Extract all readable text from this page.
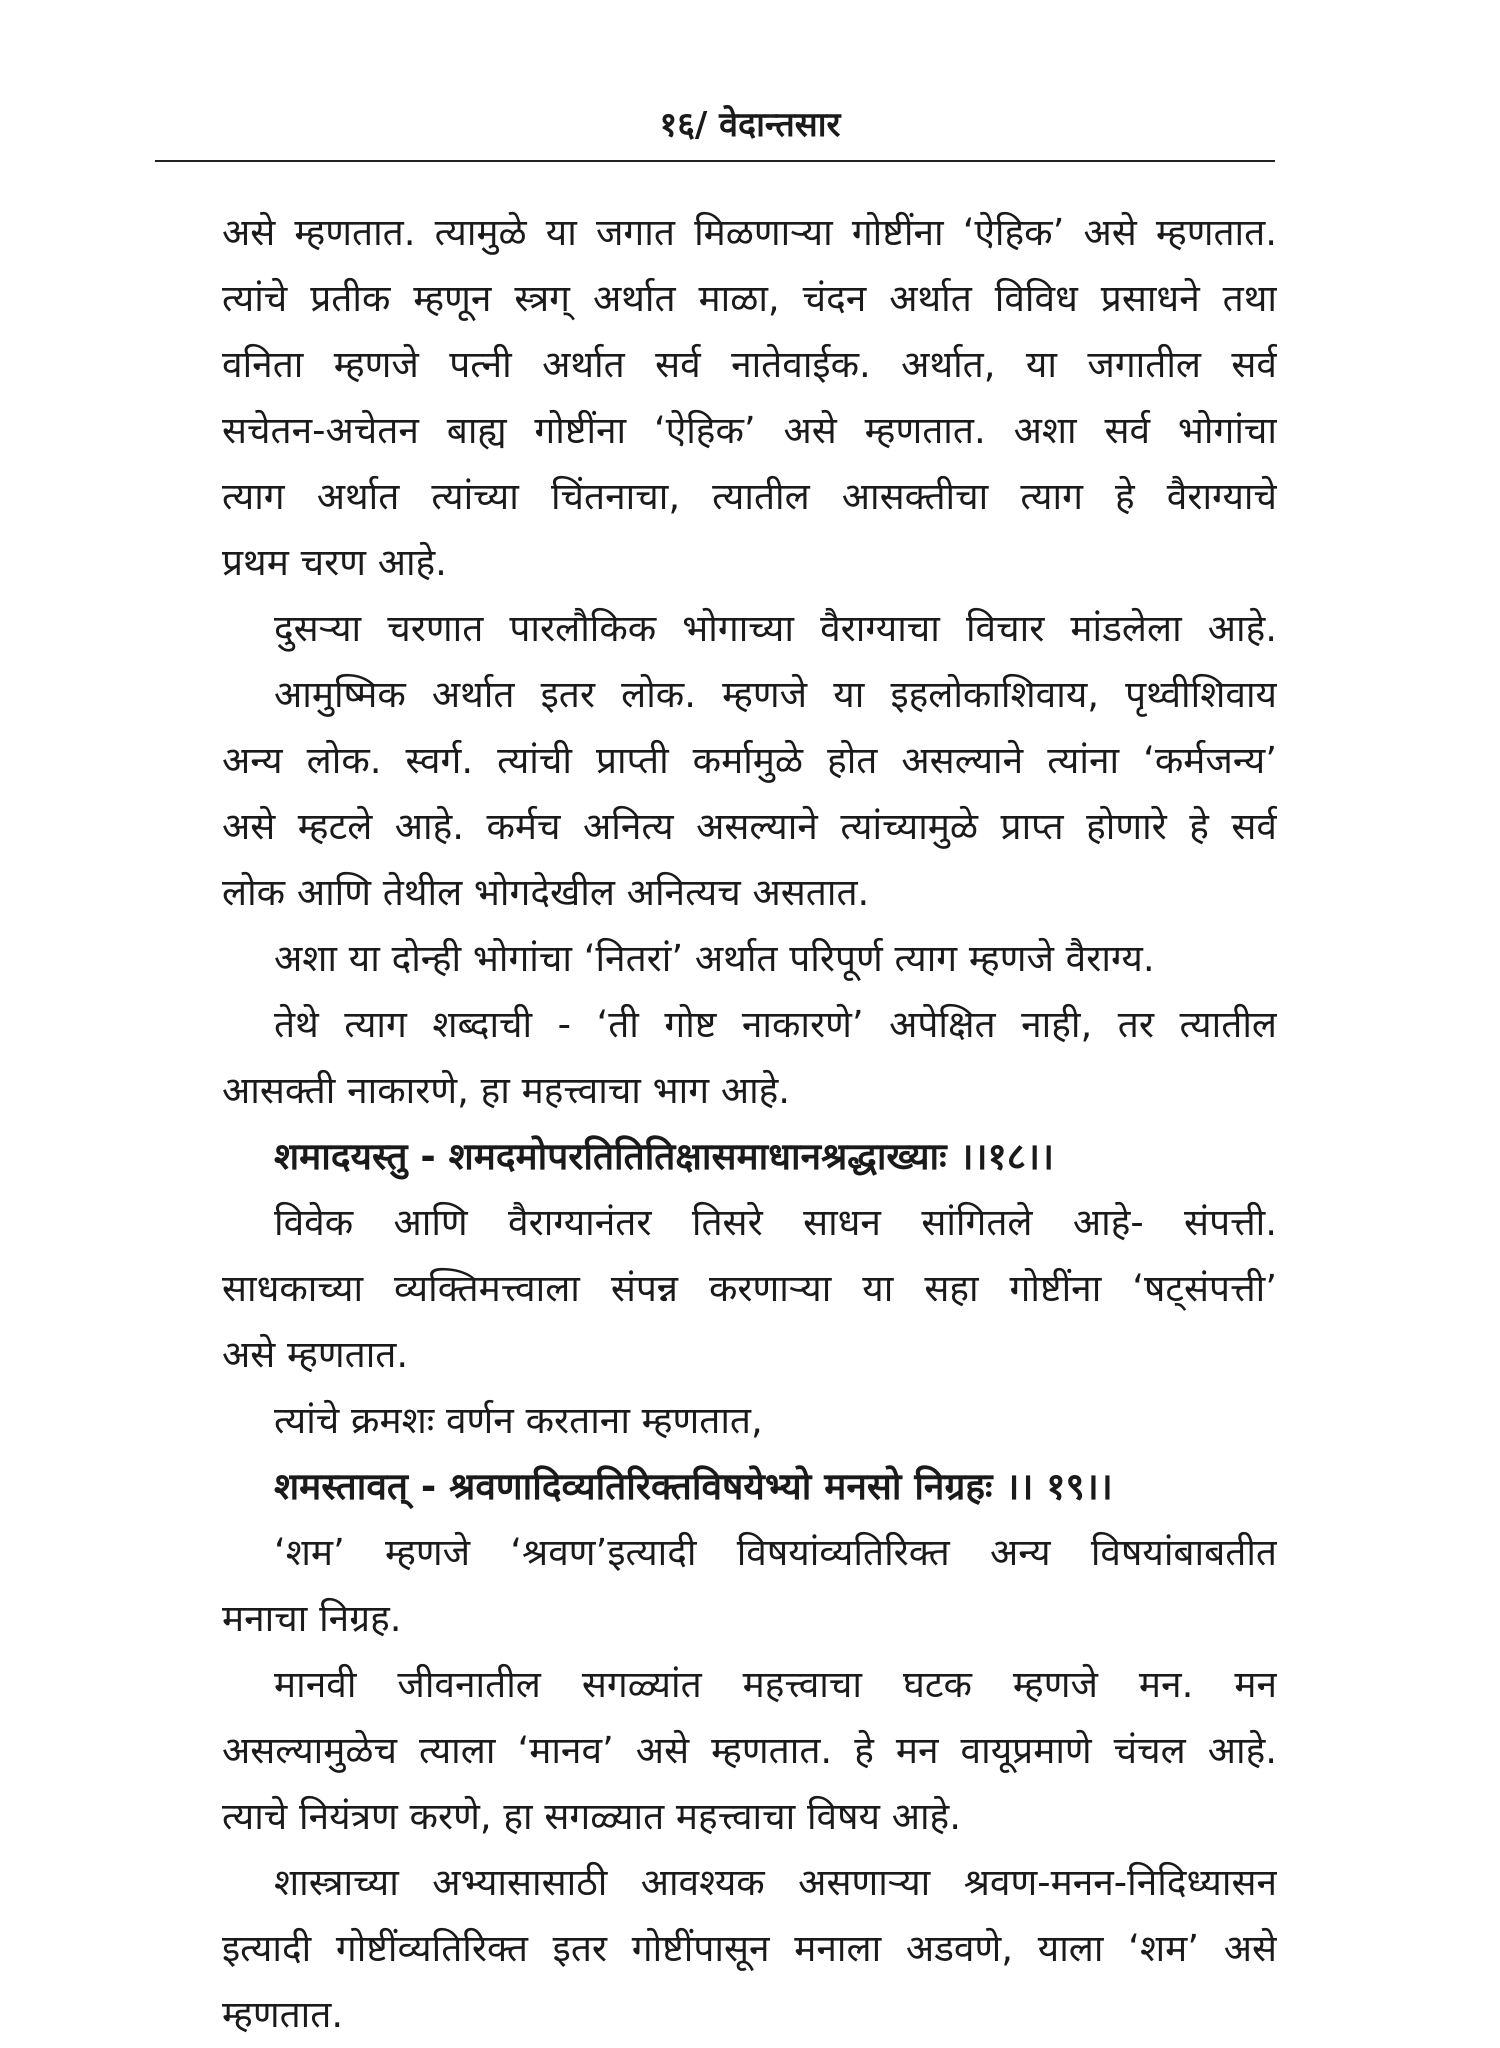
१६/ वेदान्तसार
असे म्हणतात. त्यामुळे या जगात मिळणाऱ्या गोष्टींना ‘ऐहिक’ असे म्हणतात.
त्यांचे प्रतीक म्हणून स्त्रग् अर्थात माळा, चंदन अर्थात विविध प्रसाधने तथा
वनिता म्हणजे पत्नी अर्थात सर्व नातेवाईक. अर्थात, या जगातील सर्व
सचेतन-अचेतन बाह्य गोष्टींना ‘ऐहिक’ असे म्हणतात. अशा सर्व भोगांचा
त्याग अर्थात त्यांच्या चिंतनाचा, त्यातील आसक्तीचा त्याग हे वैराग्याचे
प्रथम चरण आहे.
दुसऱ्या चरणात पारलौकिक भोगाच्या वैराग्याचा विचार मांडलेला आहे.
आमुष्मिक अर्थात इतर लोक. म्हणजे या इहलोकाशिवाय, पृथ्वीशिवाय
अन्य लोक. स्वर्ग. त्यांची प्राप्ती कर्मामुळे होत असल्याने त्यांना ‘कर्मजन्य’
असे म्हटले आहे. कर्मच अनित्य असल्याने त्यांच्यामुळे प्राप्त होणारे हे सर्व
लोक आणि तेथील भोगदेखील अनित्यच असतात.
अशा या दोन्ही भोगांचा ‘नितरां’ अर्थात परिपूर्ण त्याग म्हणजे वैराग्य.
तेथे त्याग शब्दाची - ‘ती गोष्ट नाकारणे’ अपेक्षित नाही, तर त्यातील
आसक्ती नाकारणे, हा महत्त्वाचा भाग आहे.
शमादयस्तु - शमदमोपरतितितिक्षासमाधानश्रद्धाख्याः ।।१८।।
विवेक आणि वैराग्यानंतर तिसरे साधन सांगितले आहे- संपत्ती.
साधकाच्या व्यक्तिमत्त्वाला संपन्न करणाऱ्या या सहा गोष्टींना ‘षट्संपत्ती’
असे म्हणतात.
त्यांचे क्रमशः वर्णन करताना म्हणतात,
शमस्तावत् - श्रवणादिव्यतिरिक्तविषयेभ्यो मनसो निग्रहः ।। १९।।
‘शम’ म्हणजे ‘श्रवण’इत्यादी विषयांव्यतिरिक्त अन्य विषयांबाबतीत
मनाचा निग्रह.
मानवी जीवनातील सगळ्यांत महत्त्वाचा घटक म्हणजे मन. मन
असल्यामुळेच त्याला ‘मानव’ असे म्हणतात. हे मन वायूप्रमाणे चंचल आहे.
त्याचे नियंत्रण करणे, हा सगळ्यात महत्त्वाचा विषय आहे.
शास्त्राच्या अभ्यासासाठी आवश्यक असणाऱ्या श्रवण-मनन-निदिध्यासन
इत्यादी गोष्टींव्यतिरिक्त इतर गोष्टींपासून मनाला अडवणे, याला ‘शम’ असे
म्हणतात.
